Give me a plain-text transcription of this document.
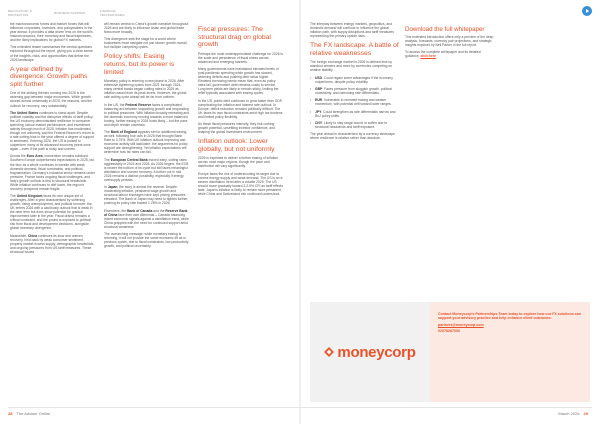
REGULATORY & PROTECTION	BUSINESS SUPPORT	FINANCIAL TECHNOLOGIES

the macroeconomic forces and market forces that will influence corporates, investors, and policymakers in the year ahead. It provides a data driven lens on the world's macroeconomics, their monetary and fiscal trajectories, and the likely implications for global FX markets.

This extended teaser summarises the central questions explored throughout the report, giving you a clear sense of the insights, risks, and opportunities that define the 2026 landscape.

A year defined by divergence: Growth paths split further

One of the striking themes running into 2026 is the widening gap between major economies. While growth slowed almost universally in 2025, the reasons, and the outlook for recovery, vary substantially.

The United States continues to stand apart. Despite political volatility and the disruptive effects of tariff policy, the US economy demonstrated resilience in consumer spending, labour market performance, and investment activity through much of 2025. Inflation has moderated, though not uniformly, and the Federal Reserve's return to a rate cutting bias in the year offered a degree of support to sentiment. Entering 2026, the US is poised to outperform many of its advanced economy peers once again – even if the path is noisy and uneven.

Across the Euro Area, momentum remains subdued. Southern Europe outperformed expectations in 2025, but the bloc as a whole continues to wrestle with weak domestic demand, fiscal constraints, and political fragmentation. Germany's industrial sector remains under pressure, France faces ongoing fiscal challenges, and Italy's growth outlook is tied to structural headwinds. While inflation continues to drift lower, the region's recovery prospects remain fragile.

The United Kingdom faces its own unique set of challenges. After a year characterised by softening growth, rising unemployment, and political turnover, the UK enters 2026 with a cautiously outlook that is weak in the near term but does show potential for gradual improvement later in the year. Fiscal drama remains a critical constraint, and the pound is exposed to political risk from fiscal and development decisions, alongside global monetary divergence.

Meanwhile, China continues its slow and uneven recovery, held back by weak consumer sentiment, property market excess supply, demographic headwinds, and ongoing pressures from US tariff measures. These structural issues

will remain central to China's growth narrative throughout 2026 and are likely to influence Asian and global trade flows more broadly.

This divergence sets the stage for a world where businesses must navigate not just slower growth overall, but multiple competing cycles.

Policy shifts: Easing returns, but its power is limited

Monetary policy is entering a new phase in 2026. After extensive tightening cycles from 2021 through 2024, many central banks began cutting rates in 2025 as inflation eased from its peak levels. However, the global rate cutting cycle ahead will be far from uniform.

In the US, the Federal Reserve faces a complicated balancing act between supporting growth and responding to political pressures. With inflation broadly retreating and the domestic economy moving towards a more balanced footing, further easing in 2026 looks likely – but the pace and depth remain uncertain.

The Bank of England appears set for additional easing as well, following four cuts in 2025 that brought Bank Rate to 3.75%. With UK inflation outlook improving and economic activity still lacklustre, the arguments for policy support are strengthening. Yet inflation expectations will determine how far rates can fall.

The European Central Bank moved early, cutting rates aggressively in 2024 and 2025. As 2026 begins, the ECB is nearer the bottom of its cycle but still faces meaningful disinflation and uneven recovery. A further cut in mid 2026 remains a distinct possibility, especially if energy oversupply persists.

In Japan, the story is almost the reverse. Despite moderating inflation, persistent wage growth and structural labour shortages have kept pricing pressures elevated. The Bank of Japan may need to tighten further, pushing its policy rate toward 1.25% in 2026.

Elsewhere, the Bank of Canada and the Reserve Bank of China face their own dilemmas – Canada balancing mixed economic signals against a disinflation trend, while China grapples with the need for continued support amid structural weakness.

The overarching message: while monetary easing is returning, it will not provide the same economic lift as in previous cycles, due to fiscal constraints, low productivity growth, and political uncertainty.

Fiscal pressures: The structural drag on global growth

Perhaps the most underappreciated challenge for 2026 is the scale and persistence of fiscal stress across advanced and emerging markets.

Many governments have maintained elevated levels of post-pandemic spending while growth has slowed, widening deficits and pushing debt ratios higher. Elevated borrowing needs mean that, even as policy rates fall, government debt remains costly to service. Long term yields are likely to remain sticky, limiting the relief typically associated with easing cycles.

In the US, public debt continues to grow faster than GDP, complicating the inflation and interest rate outlook. In Europe, deficit reduction remains politically difficult. The UK faces its own fiscal constraints amid high tax burdens and limited policy flexibility.

As these fiscal pressures intensify, they risk curbing growth potential, unsettling investor confidence, and shaping the global investment environment.

Inflation outlook: Lower globally, but not uniformly

2026 is expected to deliver a further easing of inflation across most major regions, though the pace and distribution will vary significantly.

Europe faces the risk of undershooting its target due to excess energy supply and weak demand. The US is on a clearer disinflation trend after a volatile 2025. The US should move gradually toward 2-2.5% CPI as tariff effects fade. Japan's inflation is likely to remain more persistent, while China and Switzerland risk continued undershoot.

The interplay between energy markets, geopolitics, and domestic demand will continue to influence the global inflation path, with supply disruptions and tariff measures representing the primary upside risks.

The FX landscape: A battle of relative weaknesses

The foreign exchange market in 2026 is defined less by standout winners and more by currencies competing on relative stability.

• USD: Could regain some advantages if the economy outperforms, despite policy volatility.

• GBP: Faces pressure from sluggish growth, political uncertainty, and narrowing rate differentials.

• EUR: Vulnerable to renewed easing and weaker momentum, with potential drift toward lower ranges.

• JPY: Could strengthen as rate differentials narrow and BoJ policy shifts.

• CNY: Likely to stay range bound or soften due to structural headwinds and tariff exposure.

The year ahead is characterised by a currency landscape where resilience is relative rather than absolute.

Download the full whitepaper

This extended introduction offers only a preview of the deep analysis, forecasts, currency pair projections, and strategic insights explored by Neil Parker in the full report.

To access the complete whitepaper and its detailed guidance, click here

moneycorp

Contact Moneycorp's Partnerships Team today to explore how our FX solutions can support your advisory practice and help enhance client outcomes:

partners@moneycorp.com

02078287000

28 The Adviser Online	March 2026 29
